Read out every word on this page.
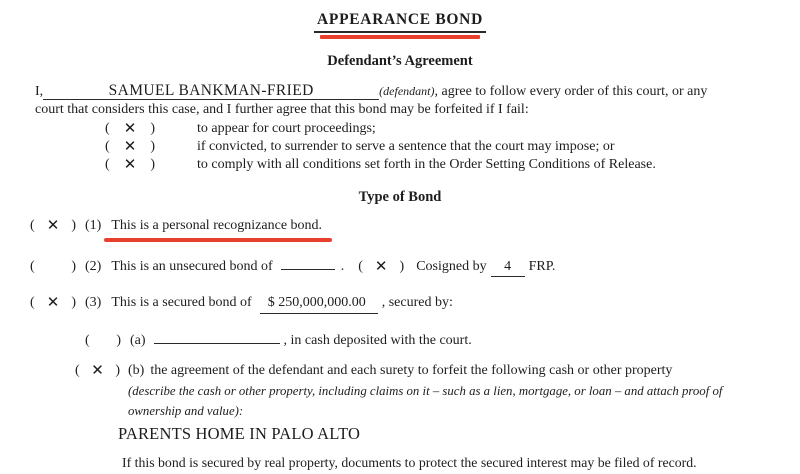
APPEARANCE BOND
Defendant’s Agreement
I,	SAMUEL BANKMAN-FRIED	(defendant), agree to follow every order of this court, or any
court that considers this case, and I further agree that this bond may be forfeited if I fail:
( ✕ )	to appear for court proceedings;
( ✕ )	if convicted, to surrender to serve a sentence that the court may impose; or
( ✕ )	to comply with all conditions set forth in the Order Setting Conditions of Release.
Type of Bond
( ✕ ) (1) This is a personal recognizance bond.
(	) (2) This is an unsecured bond of	. ( ✕ ) Cosigned by	4	FRP.
( ✕ ) (3) This is a secured bond of	$ 250,000,000.00	, secured by:
( ) (a)	, in cash deposited with the court.
( ✕ ) (b) the agreement of the defendant and each surety to forfeit the following cash or other property
(describe the cash or other property, including claims on it – such as a lien, mortgage, or loan – and attach proof of
ownership and value):
PARENTS HOME IN PALO ALTO
If this bond is secured by real property, documents to protect the secured interest may be filed of record.
